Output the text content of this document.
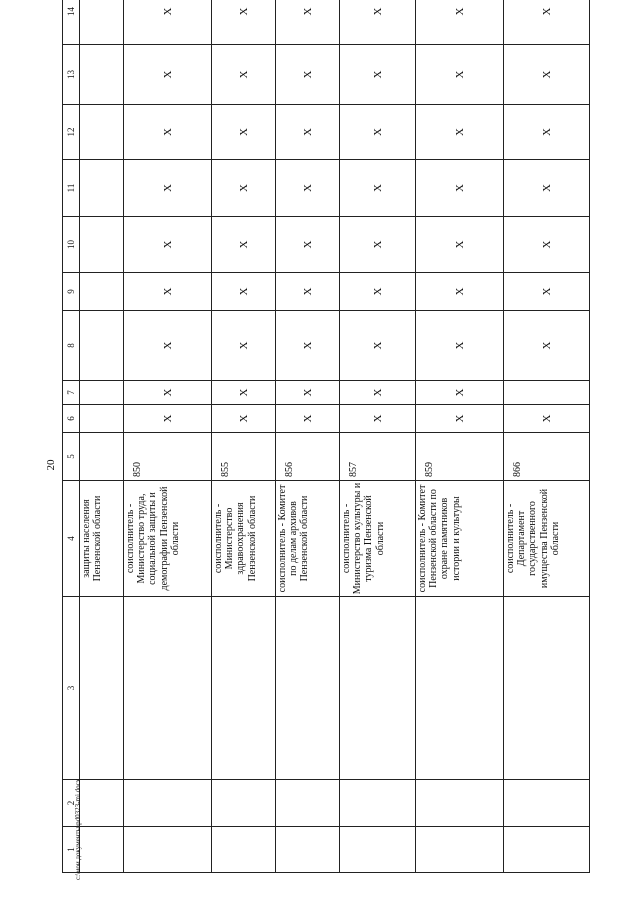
20
1	2	3	4	5	6	7	8	9	10	11	12	13	14
			защиты населения Пензенской области										
			соисполнитель - Министерство труда, социальной защиты и демографии Пензенской области	850	X	X	X	X	X	X	X	X	X
			соисполнитель - Министерство здравоохранения Пензенской области	855	X	X	X	X	X	X	X	X	X
			соисполнитель - Комитет по делам архивов Пензенской области	856	X	X	X	X	X	X	X	X	X
			соисполнитель - Министерство культуры и туризма Пензенской области	857	X	X	X	X	X	X	X	X	X
			соисполнитель - Комитет Пензенской области по охране памятников истории и культуры	859	X	X	X	X	X	X	X	X	X
			соисполнитель - Департамент государственного имущества Пензенской области	866	X		X	X	X	X	X	X	X
c:\мои документы\pd0323-mi.docx
